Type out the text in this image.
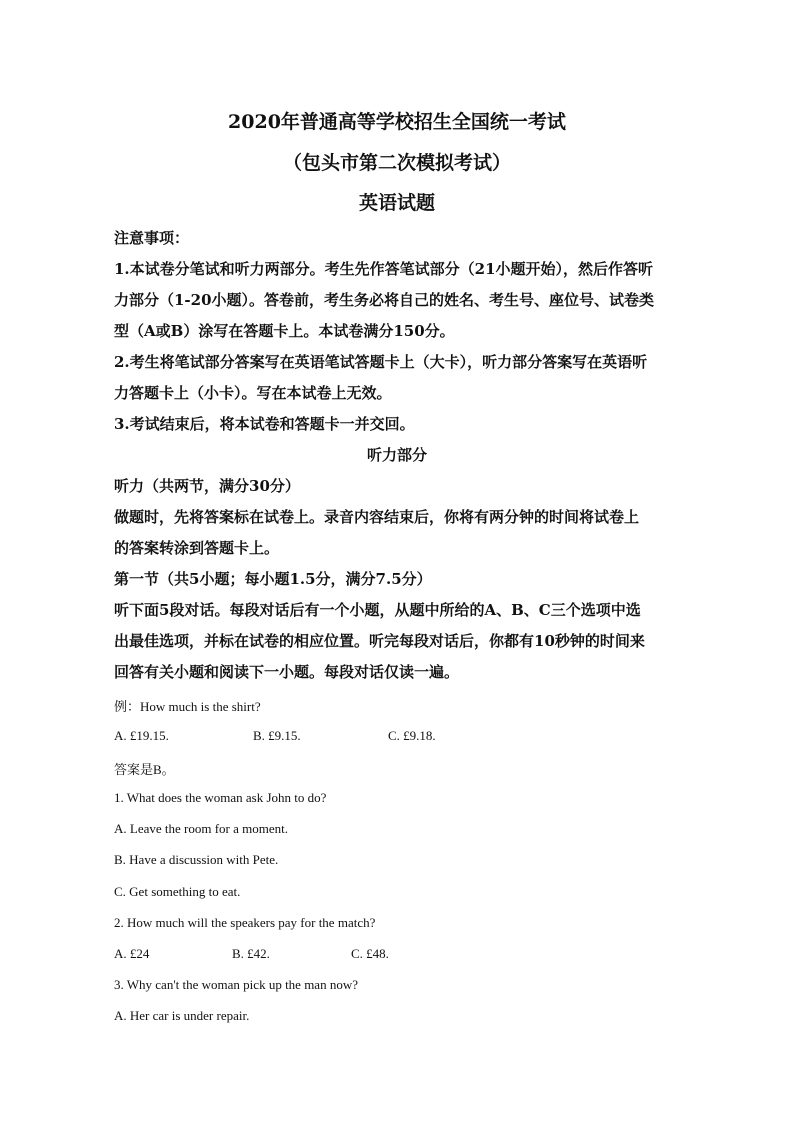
2020年普通高等学校招生全国统一考试
（包头市第二次模拟考试）
英语试题
注意事项：
1.本试卷分笔试和听力两部分。考生先作答笔试部分（21小题开始），然后作答听
力部分（1-20小题）。答卷前，考生务必将自己的姓名、考生号、座位号、试卷类
型（A或B）涂写在答题卡上。本试卷满分150分。
2.考生将笔试部分答案写在英语笔试答题卡上（大卡），听力部分答案写在英语听
力答题卡上（小卡）。写在本试卷上无效。
3.考试结束后，将本试卷和答题卡一并交回。
听力部分
听力（共两节，满分30分）
做题时，先将答案标在试卷上。录音内容结束后，你将有两分钟的时间将试卷上
的答案转涂到答题卡上。
第一节（共5小题；每小题1.5分，满分7.5分）
听下面5段对话。每段对话后有一个小题，从题中所给的A、B、C三个选项中选
出最佳选项，并标在试卷的相应位置。听完每段对话后，你都有10秒钟的时间来
回答有关小题和阅读下一小题。每段对话仅读一遍。
例：How much is the shirt?
A. £19.15.	B. £9.15.	C. £9.18.
答案是B。
1. What does the woman ask John to do?
A. Leave the room for a moment.
B. Have a discussion with Pete.
C. Get something to eat.
2. How much will the speakers pay for the match?
A. £24	B. £42.	C. £48.
3. Why can't the woman pick up the man now?
A. Her car is under repair.
